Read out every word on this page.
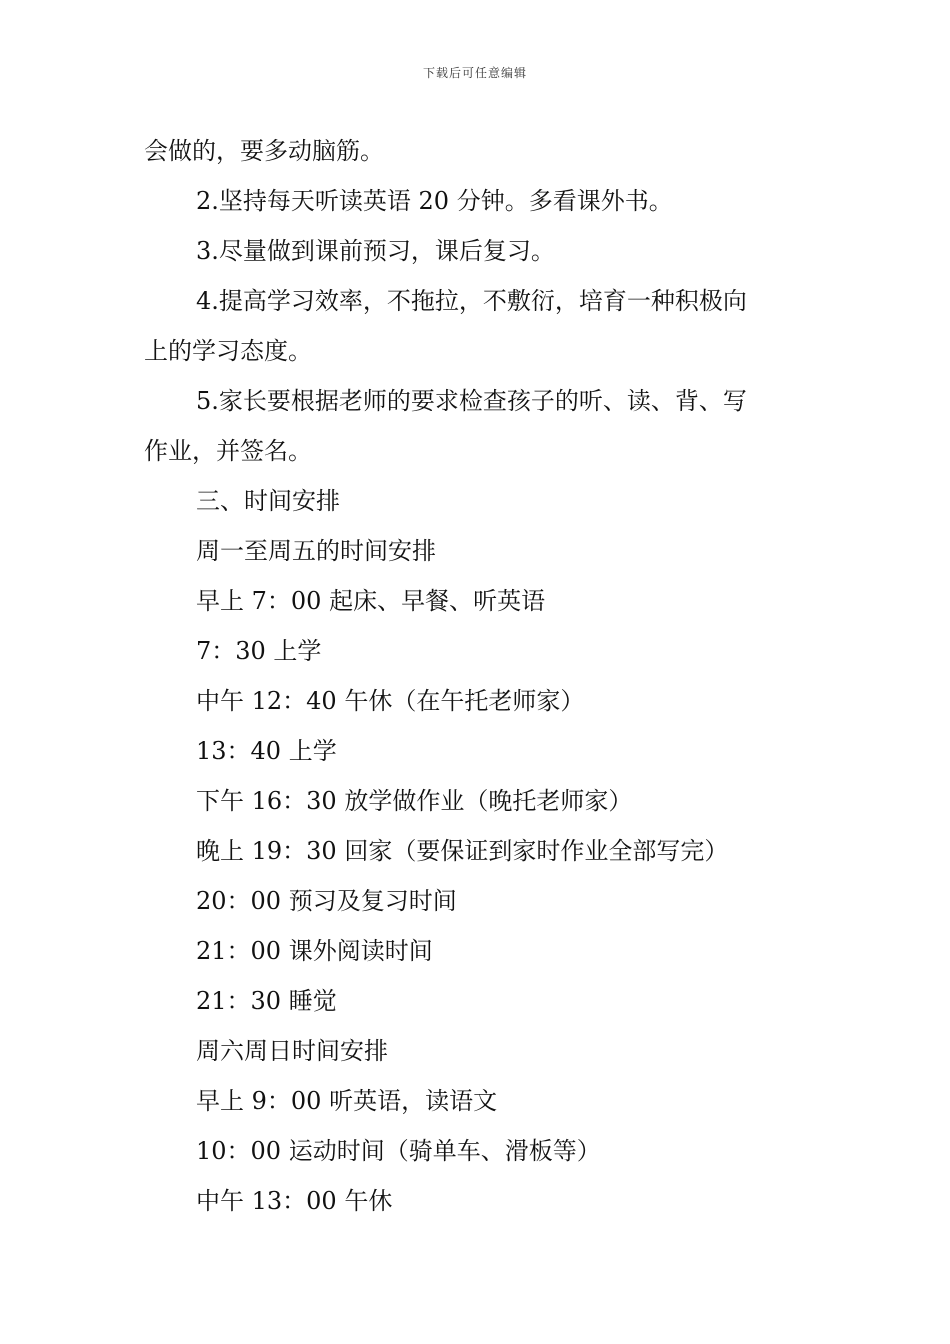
下载后可任意编辑
会做的，要多动脑筋。
2.坚持每天听读英语 20 分钟。多看课外书。
3.尽量做到课前预习，课后复习。
4.提高学习效率，不拖拉，不敷衍，培育一种积极向
上的学习态度。
5.家长要根据老师的要求检查孩子的听、读、背、写
作业，并签名。
三、时间安排
周一至周五的时间安排
早上 7：00 起床、早餐、听英语
7：30 上学
中午 12：40 午休（在午托老师家）
13：40 上学
下午 16：30 放学做作业（晚托老师家）
晚上 19：30 回家（要保证到家时作业全部写完）
20：00 预习及复习时间
21：00 课外阅读时间
21：30 睡觉
周六周日时间安排
早上 9：00 听英语，读语文
10：00 运动时间（骑单车、滑板等）
中午 13：00 午休
